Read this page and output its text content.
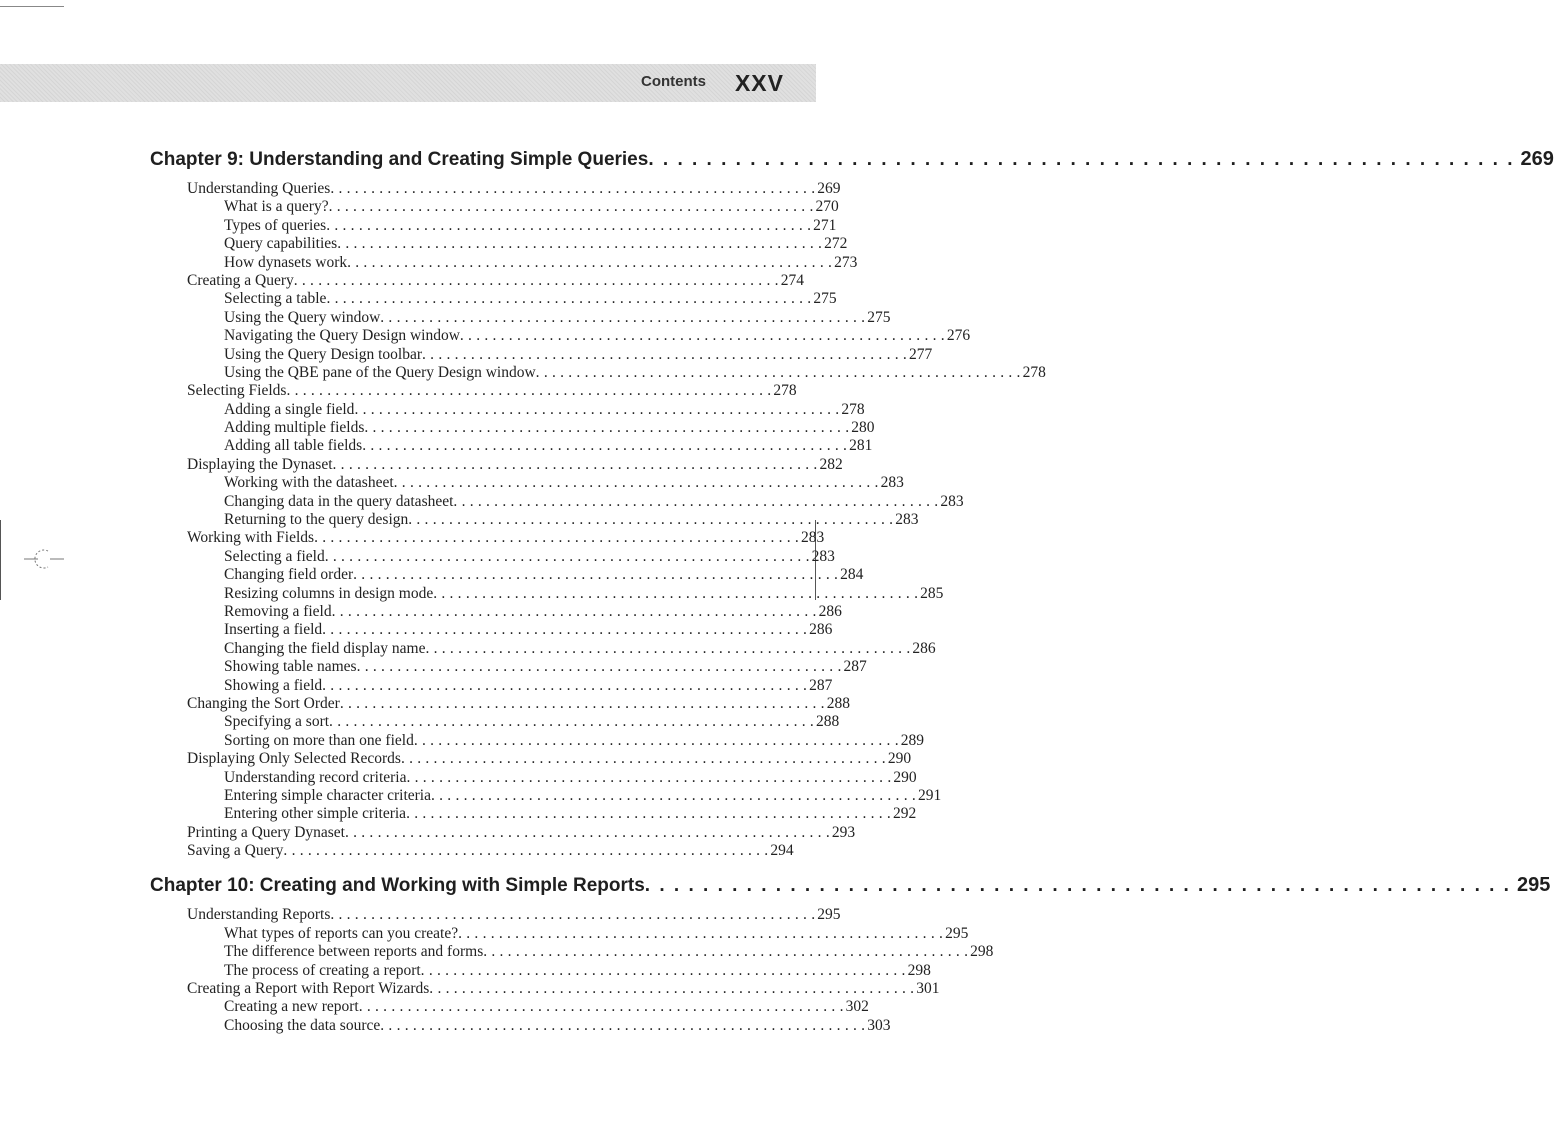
Contents XXV
Chapter 9: Understanding and Creating Simple Queries . . . . . . . . . . . . . . . . . . . . . . . . . . . . . . . . . . . . . . . . . . . . . . . . . . . . . . . . . . . . 269
Understanding Queries . . . . . . . . . . . . . . . . . . . . . . . . . . . . . . . . . . . . . . . . . . . . . . . . . . . . . . . . . . . . 269
What is a query? . . . . . . . . . . . . . . . . . . . . . . . . . . . . . . . . . . . . . . . . . . . . . . . . . . . . . . . . . . . . 270
Types of queries . . . . . . . . . . . . . . . . . . . . . . . . . . . . . . . . . . . . . . . . . . . . . . . . . . . . . . . . . . . . 271
Query capabilities . . . . . . . . . . . . . . . . . . . . . . . . . . . . . . . . . . . . . . . . . . . . . . . . . . . . . . . . . . . . 272
How dynasets work . . . . . . . . . . . . . . . . . . . . . . . . . . . . . . . . . . . . . . . . . . . . . . . . . . . . . . . . . . . . 273
Creating a Query . . . . . . . . . . . . . . . . . . . . . . . . . . . . . . . . . . . . . . . . . . . . . . . . . . . . . . . . . . . . 274
Selecting a table . . . . . . . . . . . . . . . . . . . . . . . . . . . . . . . . . . . . . . . . . . . . . . . . . . . . . . . . . . . . 275
Using the Query window . . . . . . . . . . . . . . . . . . . . . . . . . . . . . . . . . . . . . . . . . . . . . . . . . . . . . . . . . . . . 275
Navigating the Query Design window . . . . . . . . . . . . . . . . . . . . . . . . . . . . . . . . . . . . . . . . . . . . . . . . . . . . . . . . . . . . 276
Using the Query Design toolbar . . . . . . . . . . . . . . . . . . . . . . . . . . . . . . . . . . . . . . . . . . . . . . . . . . . . . . . . . . . . 277
Using the QBE pane of the Query Design window . . . . . . . . . . . . . . . . . . . . . . . . . . . . . . . . . . . . . . . . . . . . . . . . . . . . . . . . . . . . 278
Selecting Fields . . . . . . . . . . . . . . . . . . . . . . . . . . . . . . . . . . . . . . . . . . . . . . . . . . . . . . . . . . . . 278
Adding a single field . . . . . . . . . . . . . . . . . . . . . . . . . . . . . . . . . . . . . . . . . . . . . . . . . . . . . . . . . . . . 278
Adding multiple fields . . . . . . . . . . . . . . . . . . . . . . . . . . . . . . . . . . . . . . . . . . . . . . . . . . . . . . . . . . . . 280
Adding all table fields . . . . . . . . . . . . . . . . . . . . . . . . . . . . . . . . . . . . . . . . . . . . . . . . . . . . . . . . . . . . 281
Displaying the Dynaset . . . . . . . . . . . . . . . . . . . . . . . . . . . . . . . . . . . . . . . . . . . . . . . . . . . . . . . . . . . . 282
Working with the datasheet . . . . . . . . . . . . . . . . . . . . . . . . . . . . . . . . . . . . . . . . . . . . . . . . . . . . . . . . . . . . 283
Changing data in the query datasheet . . . . . . . . . . . . . . . . . . . . . . . . . . . . . . . . . . . . . . . . . . . . . . . . . . . . . . . . . . . . 283
Returning to the query design . . . . . . . . . . . . . . . . . . . . . . . . . . . . . . . . . . . . . . . . . . . . . . . . . . . . . . . . . . . . 283
Working with Fields . . . . . . . . . . . . . . . . . . . . . . . . . . . . . . . . . . . . . . . . . . . . . . . . . . . . . . . . . . . . 283
Selecting a field . . . . . . . . . . . . . . . . . . . . . . . . . . . . . . . . . . . . . . . . . . . . . . . . . . . . . . . . . . . . 283
Changing field order . . . . . . . . . . . . . . . . . . . . . . . . . . . . . . . . . . . . . . . . . . . . . . . . . . . . . . . . . . . . 284
Resizing columns in design mode . . . . . . . . . . . . . . . . . . . . . . . . . . . . . . . . . . . . . . . . . . . . . . . . . . . . . . . . . . . . 285
Removing a field . . . . . . . . . . . . . . . . . . . . . . . . . . . . . . . . . . . . . . . . . . . . . . . . . . . . . . . . . . . . 286
Inserting a field . . . . . . . . . . . . . . . . . . . . . . . . . . . . . . . . . . . . . . . . . . . . . . . . . . . . . . . . . . . . 286
Changing the field display name . . . . . . . . . . . . . . . . . . . . . . . . . . . . . . . . . . . . . . . . . . . . . . . . . . . . . . . . . . . . 286
Showing table names . . . . . . . . . . . . . . . . . . . . . . . . . . . . . . . . . . . . . . . . . . . . . . . . . . . . . . . . . . . . 287
Showing a field . . . . . . . . . . . . . . . . . . . . . . . . . . . . . . . . . . . . . . . . . . . . . . . . . . . . . . . . . . . . 287
Changing the Sort Order . . . . . . . . . . . . . . . . . . . . . . . . . . . . . . . . . . . . . . . . . . . . . . . . . . . . . . . . . . . . 288
Specifying a sort . . . . . . . . . . . . . . . . . . . . . . . . . . . . . . . . . . . . . . . . . . . . . . . . . . . . . . . . . . . . 288
Sorting on more than one field . . . . . . . . . . . . . . . . . . . . . . . . . . . . . . . . . . . . . . . . . . . . . . . . . . . . . . . . . . . . 289
Displaying Only Selected Records . . . . . . . . . . . . . . . . . . . . . . . . . . . . . . . . . . . . . . . . . . . . . . . . . . . . . . . . . . . . 290
Understanding record criteria . . . . . . . . . . . . . . . . . . . . . . . . . . . . . . . . . . . . . . . . . . . . . . . . . . . . . . . . . . . . 290
Entering simple character criteria . . . . . . . . . . . . . . . . . . . . . . . . . . . . . . . . . . . . . . . . . . . . . . . . . . . . . . . . . . . . 291
Entering other simple criteria . . . . . . . . . . . . . . . . . . . . . . . . . . . . . . . . . . . . . . . . . . . . . . . . . . . . . . . . . . . . 292
Printing a Query Dynaset . . . . . . . . . . . . . . . . . . . . . . . . . . . . . . . . . . . . . . . . . . . . . . . . . . . . . . . . . . . . 293
Saving a Query . . . . . . . . . . . . . . . . . . . . . . . . . . . . . . . . . . . . . . . . . . . . . . . . . . . . . . . . . . . . 294
Chapter 10: Creating and Working with Simple Reports . . . . . . . . . . . . . . . . . . . . . . . . . . . . . . . . . . . . . . . . . . . . . . . . . . . . . . . . . . . . 295
Understanding Reports . . . . . . . . . . . . . . . . . . . . . . . . . . . . . . . . . . . . . . . . . . . . . . . . . . . . . . . . . . . . 295
What types of reports can you create? . . . . . . . . . . . . . . . . . . . . . . . . . . . . . . . . . . . . . . . . . . . . . . . . . . . . . . . . . . . . 295
The difference between reports and forms . . . . . . . . . . . . . . . . . . . . . . . . . . . . . . . . . . . . . . . . . . . . . . . . . . . . . . . . . . . . 298
The process of creating a report . . . . . . . . . . . . . . . . . . . . . . . . . . . . . . . . . . . . . . . . . . . . . . . . . . . . . . . . . . . . 298
Creating a Report with Report Wizards . . . . . . . . . . . . . . . . . . . . . . . . . . . . . . . . . . . . . . . . . . . . . . . . . . . . . . . . . . . . 301
Creating a new report . . . . . . . . . . . . . . . . . . . . . . . . . . . . . . . . . . . . . . . . . . . . . . . . . . . . . . . . . . . . 302
Choosing the data source . . . . . . . . . . . . . . . . . . . . . . . . . . . . . . . . . . . . . . . . . . . . . . . . . . . . . . . . . . . . 303
